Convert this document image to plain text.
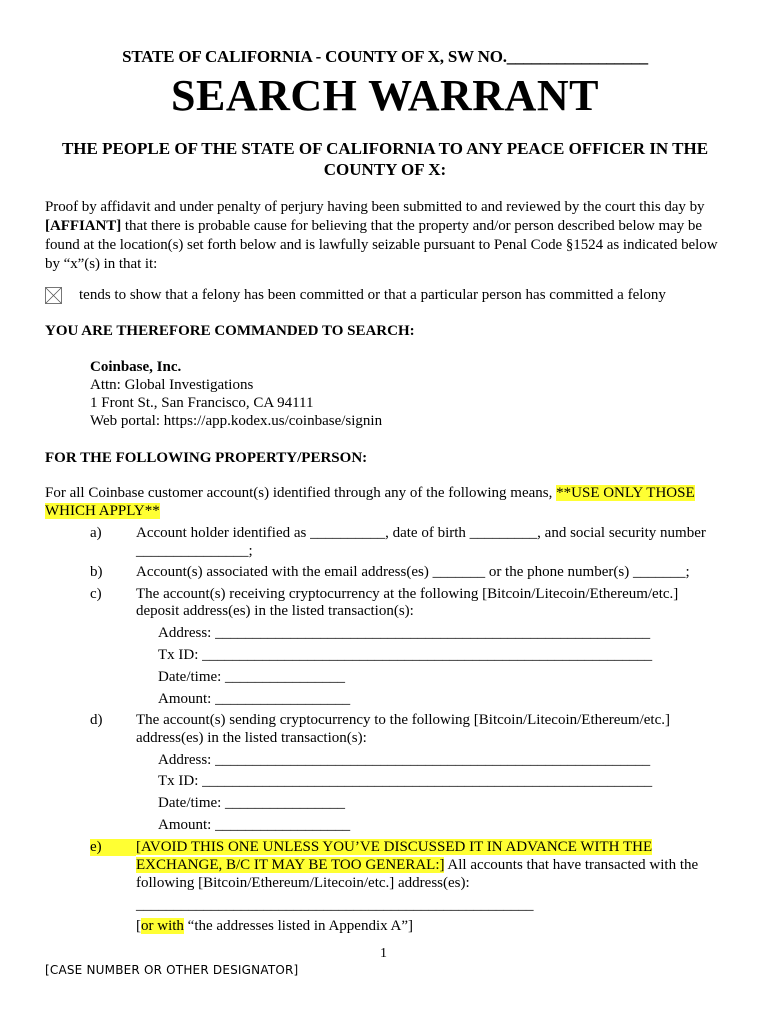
STATE OF CALIFORNIA - COUNTY OF X, SW NO._________________
SEARCH WARRANT
THE PEOPLE OF THE STATE OF CALIFORNIA TO ANY PEACE OFFICER IN THE COUNTY OF X:
Proof by affidavit and under penalty of perjury having been submitted to and reviewed by the court this day by [AFFIANT] that there is probable cause for believing that the property and/or person described below may be found at the location(s) set forth below and is lawfully seizable pursuant to Penal Code §1524 as indicated below by “x”(s) in that it:
tends to show that a felony has been committed or that a particular person has committed a felony
YOU ARE THEREFORE COMMANDED TO SEARCH:
Coinbase, Inc.
Attn: Global Investigations
1 Front St., San Francisco, CA 94111
Web portal: https://app.kodex.us/coinbase/signin
FOR THE FOLLOWING PROPERTY/PERSON:
For all Coinbase customer account(s) identified through any of the following means, **USE ONLY THOSE
WHICH APPLY**
a) Account holder identified as __________, date of birth _________, and social security number
_______________;
b) Account(s) associated with the email address(es) _______ or the phone number(s) _______;
c) The account(s) receiving cryptocurrency at the following [Bitcoin/Litecoin/Ethereum/etc.]
deposit address(es) in the listed transaction(s):
Address: __________________________________________________________
Tx ID: ____________________________________________________________
Date/time: ________________
Amount: __________________
d) The account(s) sending cryptocurrency to the following [Bitcoin/Litecoin/Ethereum/etc.]
address(es) in the listed transaction(s):
Address: __________________________________________________________
Tx ID: ____________________________________________________________
Date/time: ________________
Amount: __________________
e)	[AVOID THIS ONE UNLESS YOU’VE DISCUSSED IT IN ADVANCE WITH THE
EXCHANGE, B/C IT MAY BE TOO GENERAL:] All accounts that have transacted with the
following [Bitcoin/Ethereum/Litecoin/etc.] address(es):
_____________________________________________________
[or with “the addresses listed in Appendix A”]
1
[CASE NUMBER OR OTHER DESIGNATOR]
